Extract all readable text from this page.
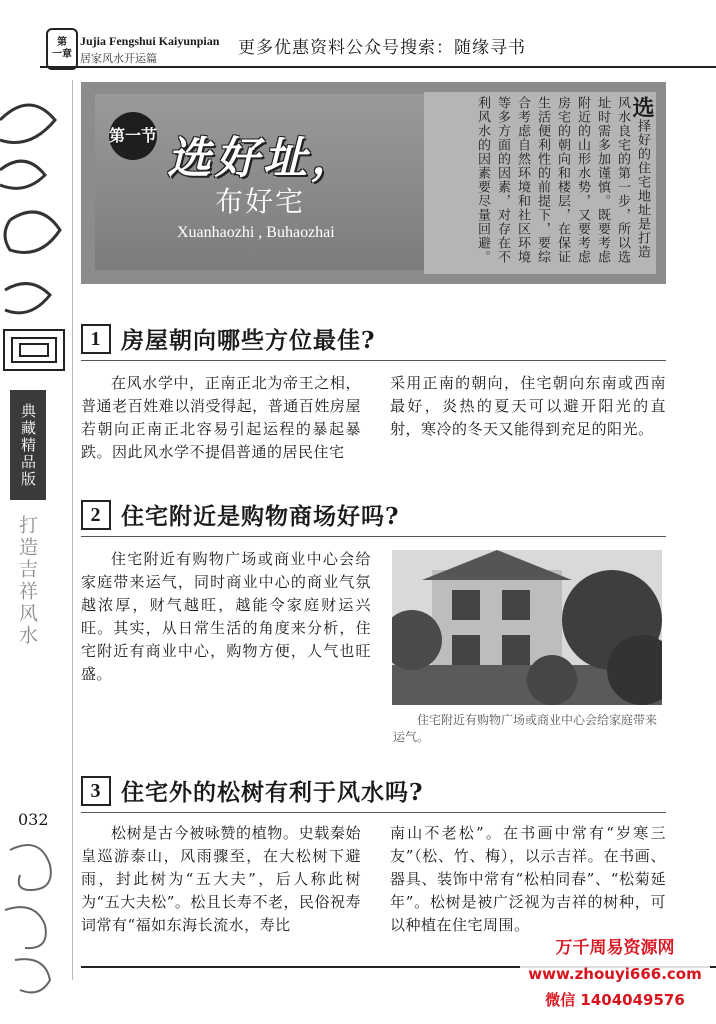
第
一章
Jujia Fengshui Kaiyunpian
居家风水开运篇
更多优惠资料公众号搜索：随缘寻书
典藏精品版
打造吉祥风水
032
第一节 选好址，
布好宅
Xuanhaozhi , Buhaozhai
选择好的住宅地址是打造风水良宅的第一步，所以选址时需多加谨慎。既要考虑附近的山形水势，又要考虑房宅的朝向和楼层，在保证生活便利性的前提下，要综合考虑自然环境和社区环境等多方面的因素，对存在不利风水的因素要尽量回避。
1 房屋朝向哪些方位最佳?

在风水学中，正南正北为帝王之相，普通老百姓难以消受得起，普通百姓房屋若朝向正南正北容易引起运程的暴起暴跌。因此风水学不提倡普通的居民住宅

采用正南的朝向，住宅朝向东南或西南最好，炎热的夏天可以避开阳光的直射，寒冷的冬天又能得到充足的阳光。

2 住宅附近是购物商场好吗?

住宅附近有购物广场或商业中心会给家庭带来运气，同时商业中心的商业气氛越浓厚，财气越旺，越能令家庭财运兴旺。其实，从日常生活的角度来分析，住宅附近有商业中心，购物方便，人气也旺盛。

住宅附近有购物广场或商业中心会给家庭带来运气。
3 住宅外的松树有利于风水吗?

松树是古今被咏赞的植物。史载秦始皇巡游泰山，风雨骤至，在大松树下避雨，封此树为“五大夫”，后人称此树为“五大夫松”。松且长寿不老，民俗祝寿词常有“福如东海长流水，寿比

南山不老松”。在书画中常有“岁寒三友”（松、竹、梅），以示吉祥。在书画、器具、装饰中常有“松柏同春”、“松菊延年”。松树是被广泛视为吉祥的树种，可以种植在住宅周围。

万千周易资源网
www.zhouyi666.com
微信 1404049576
